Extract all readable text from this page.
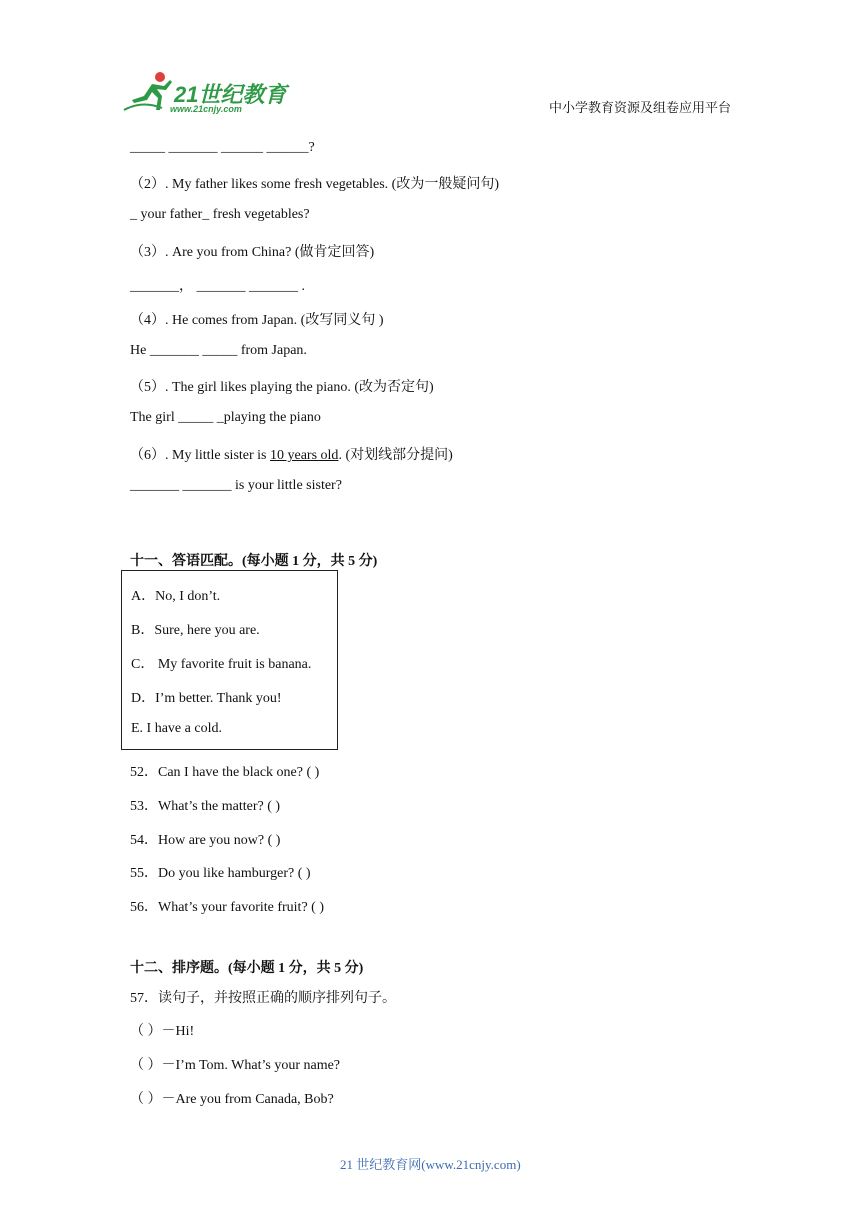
21世纪教育
www.21cnjy.com	中小学教育资源及组卷应用平台
_____ _______ ______ ______?
（2）. My father likes some fresh vegetables. (改为一般疑问句)
_ your father_ fresh vegetables?
（3）. Are you from China? (做肯定回答)
_______， _______ _______ .
（4）. He comes from Japan. (改写同义句 )
He _______ _____ from Japan.
（5）. The girl likes playing the piano. (改为否定句)
The girl _____ _playing the piano
（6）. My little sister is 10 years old. (对划线部分提问)
_______ _______ is your little sister?
十一、答语匹配。(每小题 1 分，共 5 分)
A．No, I don’t.
B．Sure, here you are.
C． My favorite fruit is banana.
D．I’m better. Thank you!
E. I have a cold.
52．Can I have the black one? ( )
53．What’s the matter? ( )
54．How are you now? ( )
55．Do you like hamburger? ( )
56．What’s your favorite fruit? ( )
十二、排序题。(每小题 1 分，共 5 分)
57．读句子，并按照正确的顺序排列句子。
（ ）－Hi!
（ ）－I’m Tom. What’s your name?
（ ）－Are you from Canada, Bob?
21 世纪教育网(www.21cnjy.com)
